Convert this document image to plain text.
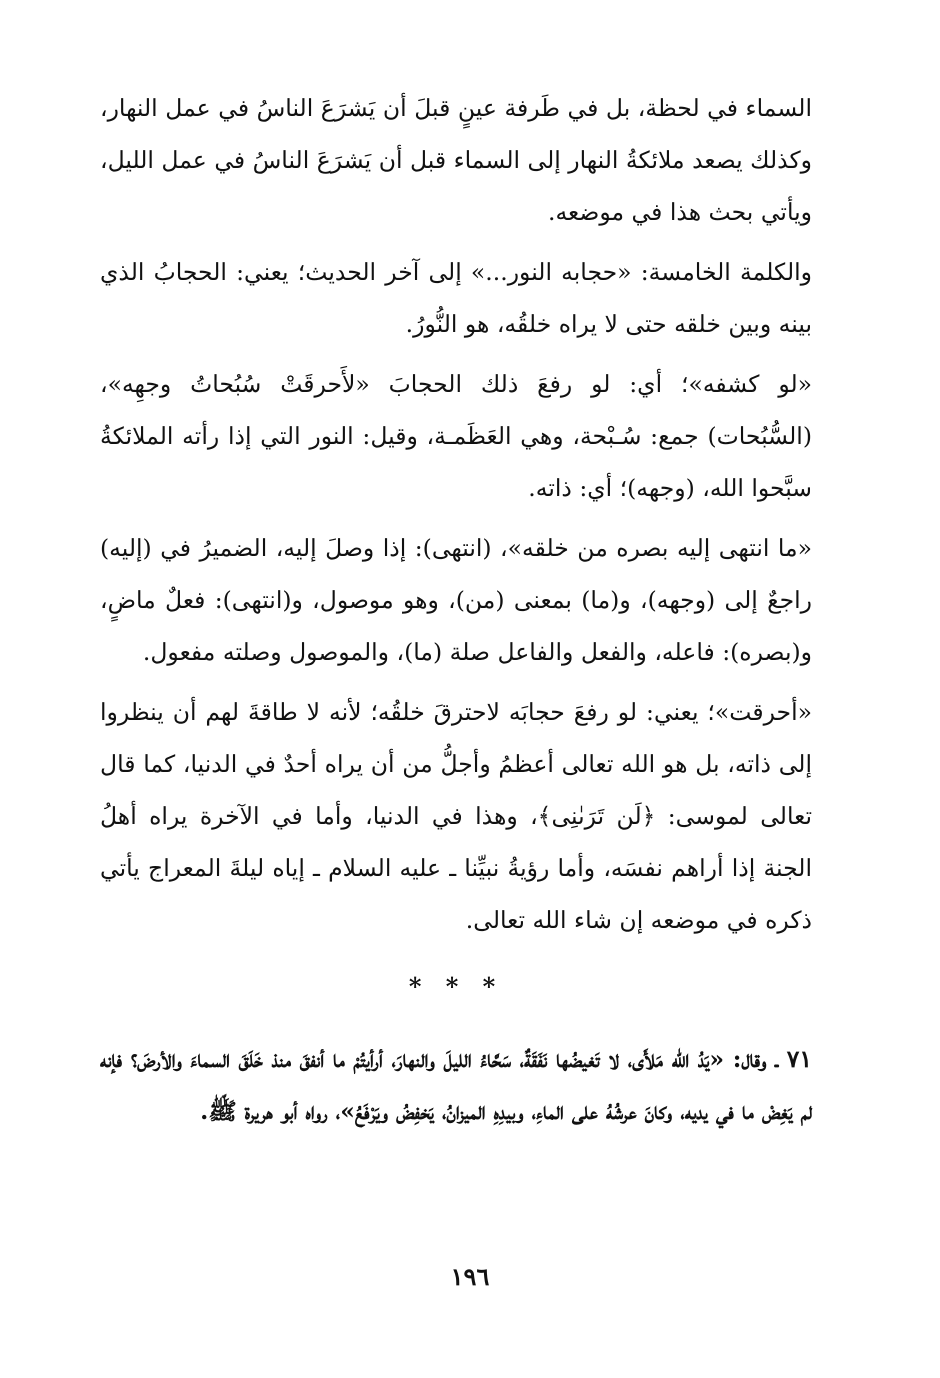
السماء في لحظة، بل في طَرفة عينٍ قبلَ أن يَشرَعَ الناسُ في عمل النهار، وكذلك يصعد ملائكةُ النهار إلى السماء قبل أن يَشرَعَ الناسُ في عمل الليل، ويأتي بحث هذا في موضعه.

والكلمة الخامسة: «حجابه النور...» إلى آخر الحديث؛ يعني: الحجابُ الذي بينه وبين خلقه حتى لا يراه خلقُه، هو النُّورُ.

«لو كشفه»؛ أي: لو رفعَ ذلك الحجابَ «لأَحرقَتْ سُبُحاتُ وجهِه»، (السُّبُحات) جمع: سُـبْحة، وهي العَظَمـة، وقيل: النور التي إذا رأته الملائكةُ سبَّحوا الله، (وجهه)؛ أي: ذاته.

«ما انتهى إليه بصره من خلقه»، (انتهى): إذا وصلَ إليه، الضميرُ في (إليه) راجعٌ إلى (وجهه)، و(ما) بمعنى (من)، وهو موصول، و(انتهى): فعلٌ ماضٍ، و(بصره): فاعله، والفعل والفاعل صلة (ما)، والموصول وصلته مفعول.

«أحرقت»؛ يعني: لو رفعَ حجابَه لاحترقَ خلقُه؛ لأنه لا طاقةَ لهم أن ينظروا إلى ذاته، بل هو الله تعالى أعظمُ وأجلُّ من أن يراه أحدٌ في الدنيا، كما قال تعالى لموسى: ﴿لَن تَرَىٰنِى﴾، وهذا في الدنيا، وأما في الآخرة يراه أهلُ الجنة إذا أراهم نفسَه، وأما رؤيةُ نبيِّنا ـ عليه السلام ـ إياه ليلةَ المعراج يأتي ذكره في موضعه إن شاء الله تعالى.

* * *

٧١ ـ وقال: «يَدُ الله مَلأَى، لا تَغيضُها نَفَقَةٌ، سَحَّاءُ الليلَ والنهارَ، أرأيتُمْ ما أنفقَ منذ خَلَقَ السماءَ والأرضَ؟ فإنه لم يَغِضْ ما في يديه، وكانَ عرشُهُ على الماءِ، وبيدِهِ الميزانُ، يَخفِضُ ويَرْفَعُ»، رواه أبو هريرة ﷺ.

١٩٦
